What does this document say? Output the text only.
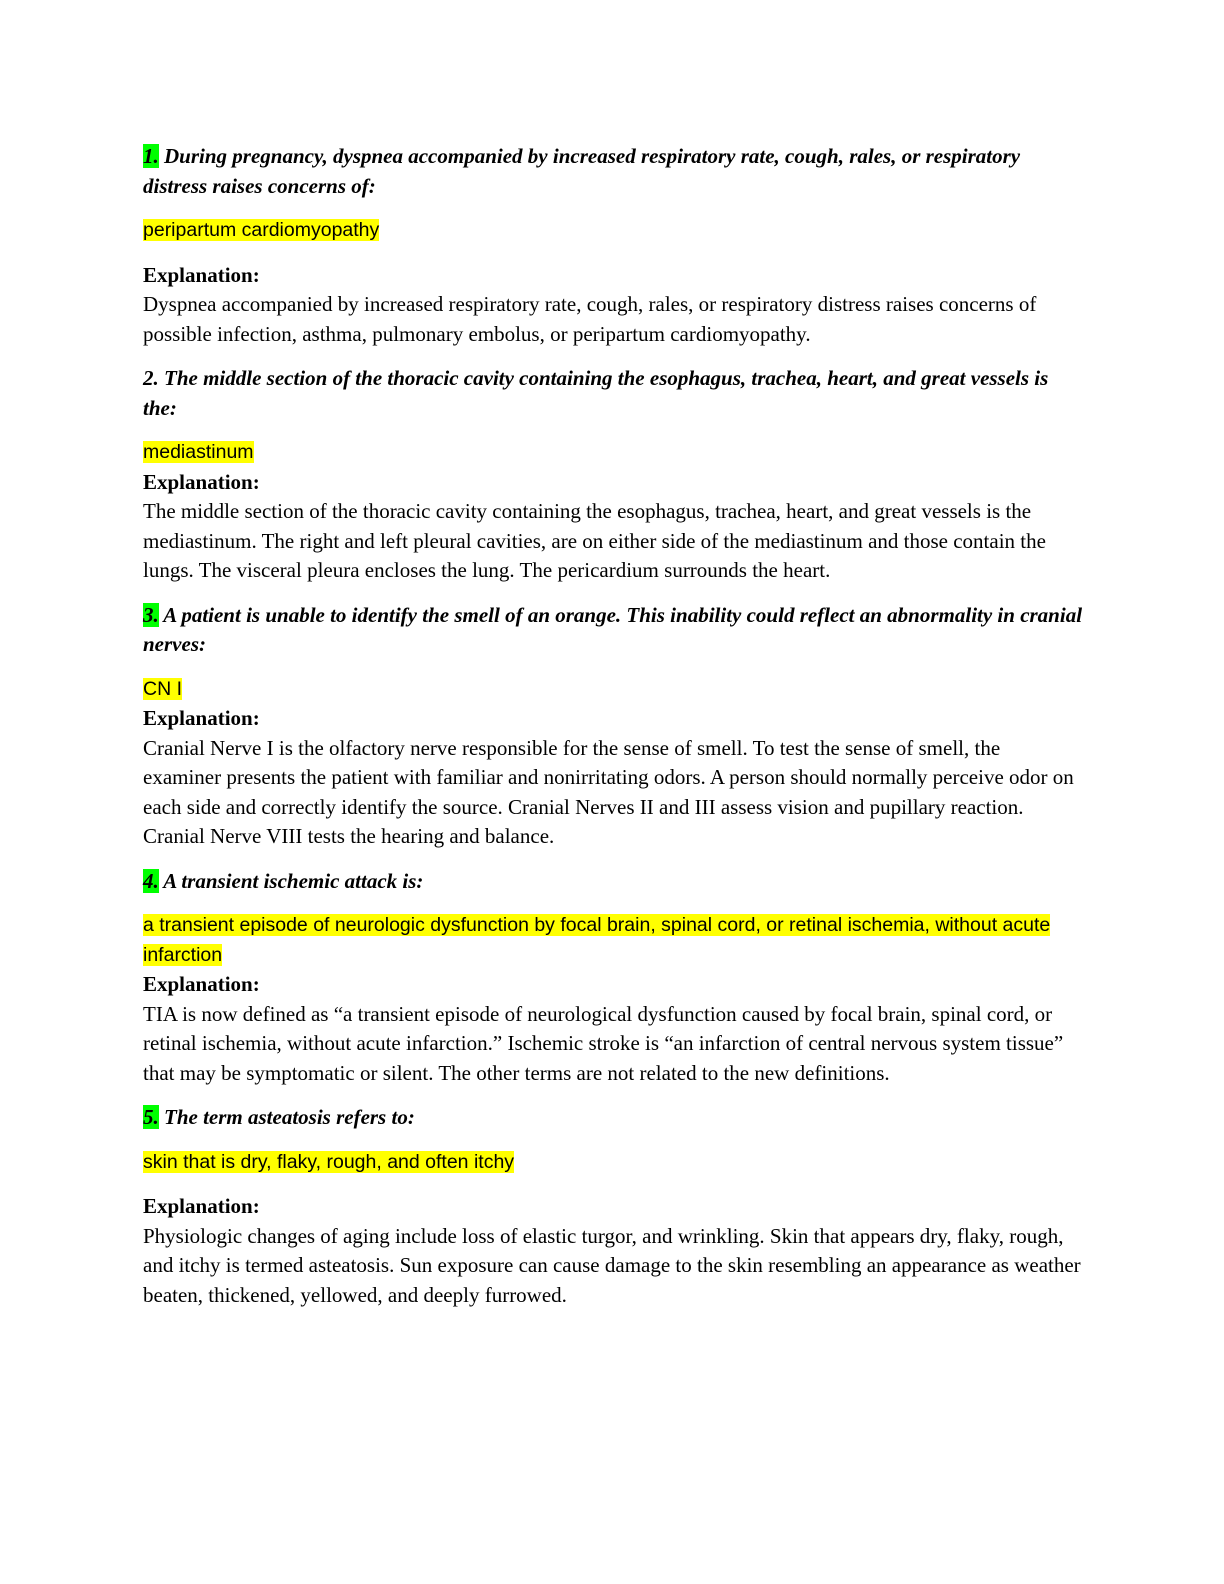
1. During pregnancy, dyspnea accompanied by increased respiratory rate, cough, rales, or respiratory distress raises concerns of:

peripartum cardiomyopathy

Explanation:

Dyspnea accompanied by increased respiratory rate, cough, rales, or respiratory distress raises concerns of possible infection, asthma, pulmonary embolus, or peripartum cardiomyopathy.

2. The middle section of the thoracic cavity containing the esophagus, trachea, heart, and great vessels is the:

mediastinum

Explanation:

The middle section of the thoracic cavity containing the esophagus, trachea, heart, and great vessels is the mediastinum. The right and left pleural cavities, are on either side of the mediastinum and those contain the lungs. The visceral pleura encloses the lung. The pericardium surrounds the heart.

3. A patient is unable to identify the smell of an orange. This inability could reflect an abnormality in cranial nerves:

CN I

Explanation:

Cranial Nerve I is the olfactory nerve responsible for the sense of smell. To test the sense of smell, the examiner presents the patient with familiar and nonirritating odors. A person should normally perceive odor on each side and correctly identify the source. Cranial Nerves II and III assess vision and pupillary reaction. Cranial Nerve VIII tests the hearing and balance.

4. A transient ischemic attack is:

a transient episode of neurologic dysfunction by focal brain, spinal cord, or retinal ischemia, without acute infarction

Explanation:

TIA is now defined as “a transient episode of neurological dysfunction caused by focal brain, spinal cord, or retinal ischemia, without acute infarction.” Ischemic stroke is “an infarction of central nervous system tissue” that may be symptomatic or silent. The other terms are not related to the new definitions.

5. The term asteatosis refers to:

skin that is dry, flaky, rough, and often itchy

Explanation:

Physiologic changes of aging include loss of elastic turgor, and wrinkling. Skin that appears dry, flaky, rough, and itchy is termed asteatosis. Sun exposure can cause damage to the skin resembling an appearance as weather beaten, thickened, yellowed, and deeply furrowed.
